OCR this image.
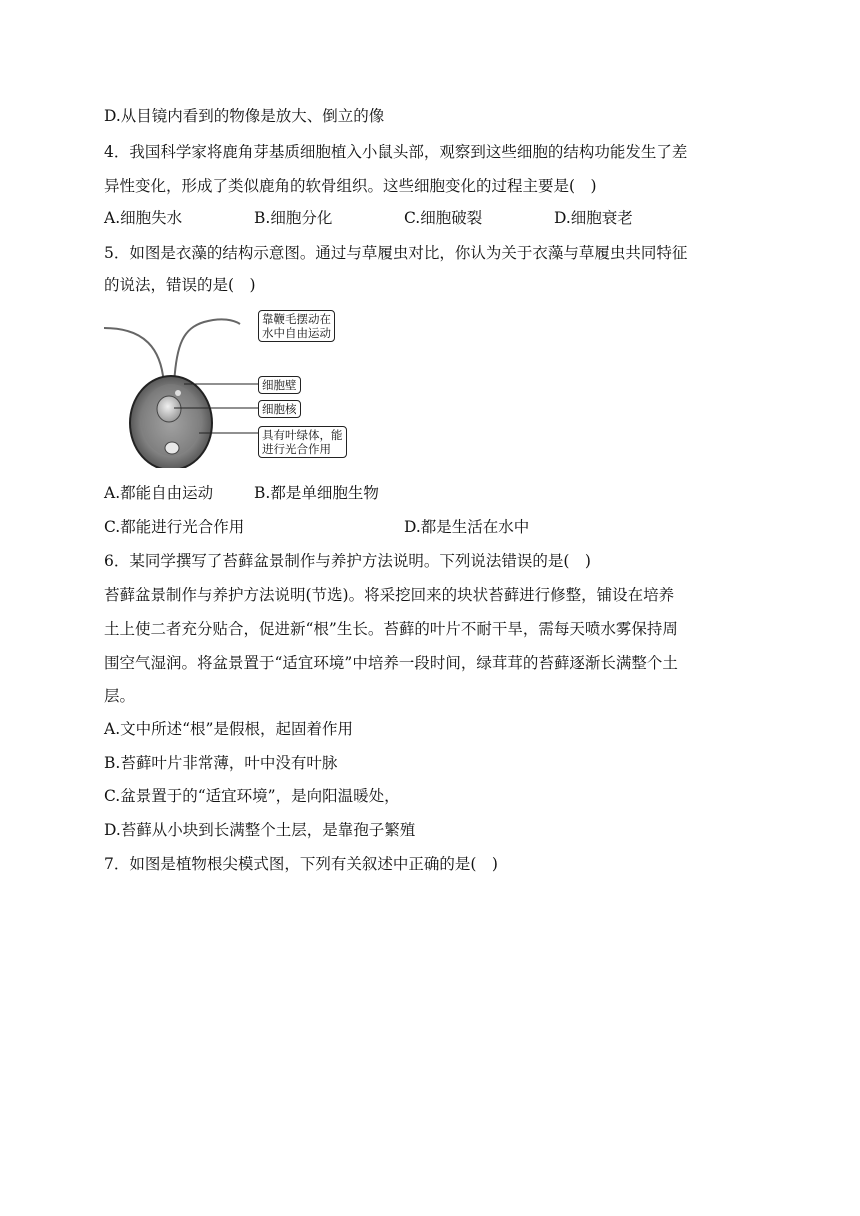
D.从目镜内看到的物像是放大、倒立的像
4．我国科学家将鹿角芽基质细胞植入小鼠头部，观察到这些细胞的结构功能发生了差
异性变化，形成了类似鹿角的软骨组织。这些细胞变化的过程主要是(　)
A.细胞失水	B.细胞分化	C.细胞破裂	D.细胞衰老
5．如图是衣藻的结构示意图。通过与草履虫对比，你认为关于衣藻与草履虫共同特征
的说法，错误的是(　)
靠鞭毛摆动在
水中自由运动
细胞壁
细胞核
具有叶绿体，能
进行光合作用
A.都能自由运动	B.都是单细胞生物
C.都能进行光合作用	D.都是生活在水中
6．某同学撰写了苔藓盆景制作与养护方法说明。下列说法错误的是(　)
苔藓盆景制作与养护方法说明(节选)。将采挖回来的块状苔藓进行修整，铺设在培养
土上使二者充分贴合，促进新“根”生长。苔藓的叶片不耐干旱，需每天喷水雾保持周
围空气湿润。将盆景置于“适宜环境”中培养一段时间，绿茸茸的苔藓逐渐长满整个土
层。
A.文中所述“根”是假根，起固着作用
B.苔藓叶片非常薄，叶中没有叶脉
C.盆景置于的“适宜环境”，是向阳温暖处，
D.苔藓从小块到长满整个土层，是靠孢子繁殖
7．如图是植物根尖模式图，下列有关叙述中正确的是(　)
